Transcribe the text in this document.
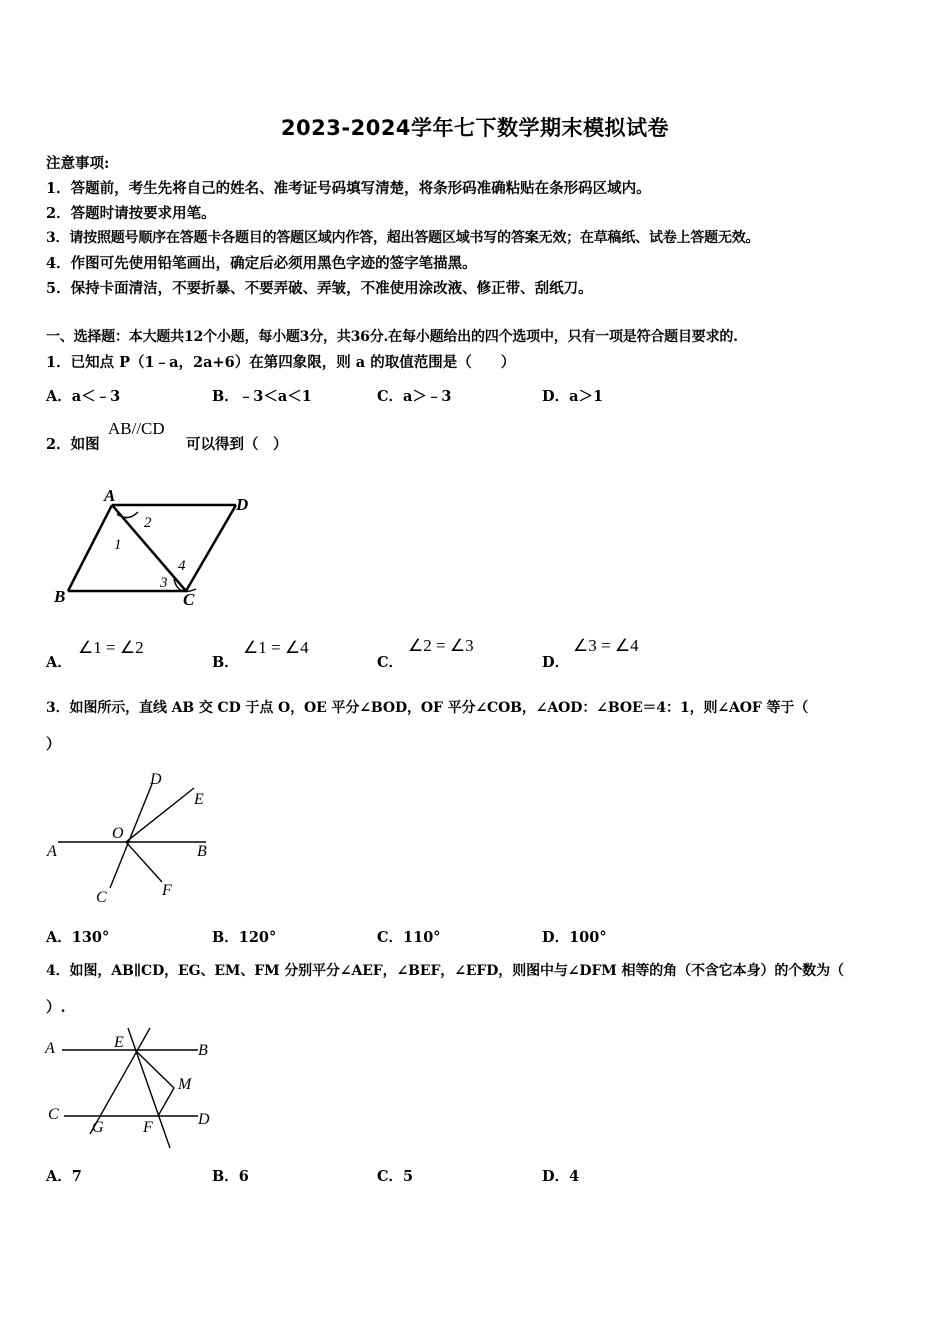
2023-2024学年七下数学期末模拟试卷
注意事项:
1．答题前，考生先将自己的姓名、准考证号码填写清楚，将条形码准确粘贴在条形码区域内。
2．答题时请按要求用笔。
3．请按照题号顺序在答题卡各题目的答题区域内作答，超出答题区域书写的答案无效；在草稿纸、试卷上答题无效。
4．作图可先使用铅笔画出，确定后必须用黑色字迹的签字笔描黑。
5．保持卡面清洁，不要折暴、不要弄破、弄皱，不准使用涂改液、修正带、刮纸刀。
一、选择题：本大题共12个小题，每小题3分，共36分.在每小题给出的四个选项中，只有一项是符合题目要求的.
1．已知点 P（1﹣a，2a+6）在第四象限，则 a 的取值范围是（　　）
A．a＜﹣3	B．﹣3＜a＜1	C．a＞﹣3	D．a＞1
2．如图
AB//CD
可以得到（　）
A	D
B	C
1
2
3
4
A．
∠1 = ∠2
B．
∠1 = ∠4
C．
∠2 = ∠3
D．
∠3 = ∠4
3．如图所示，直线 AB 交 CD 于点 O，OE 平分∠BOD，OF 平分∠COB，∠AOD：∠BOE＝4：1，则∠AOF 等于（
）
D
E
O
A	B
C	F
A．130°	B．120°	C．110°	D．100°
4．如图，AB∥CD，EG、EM、FM 分别平分∠AEF，∠BEF，∠EFD，则图中与∠DFM 相等的角（不含它本身）的个数为（
）.
A	E	B
M
C
G F	D
A．7	B．6	C．5	D．4
